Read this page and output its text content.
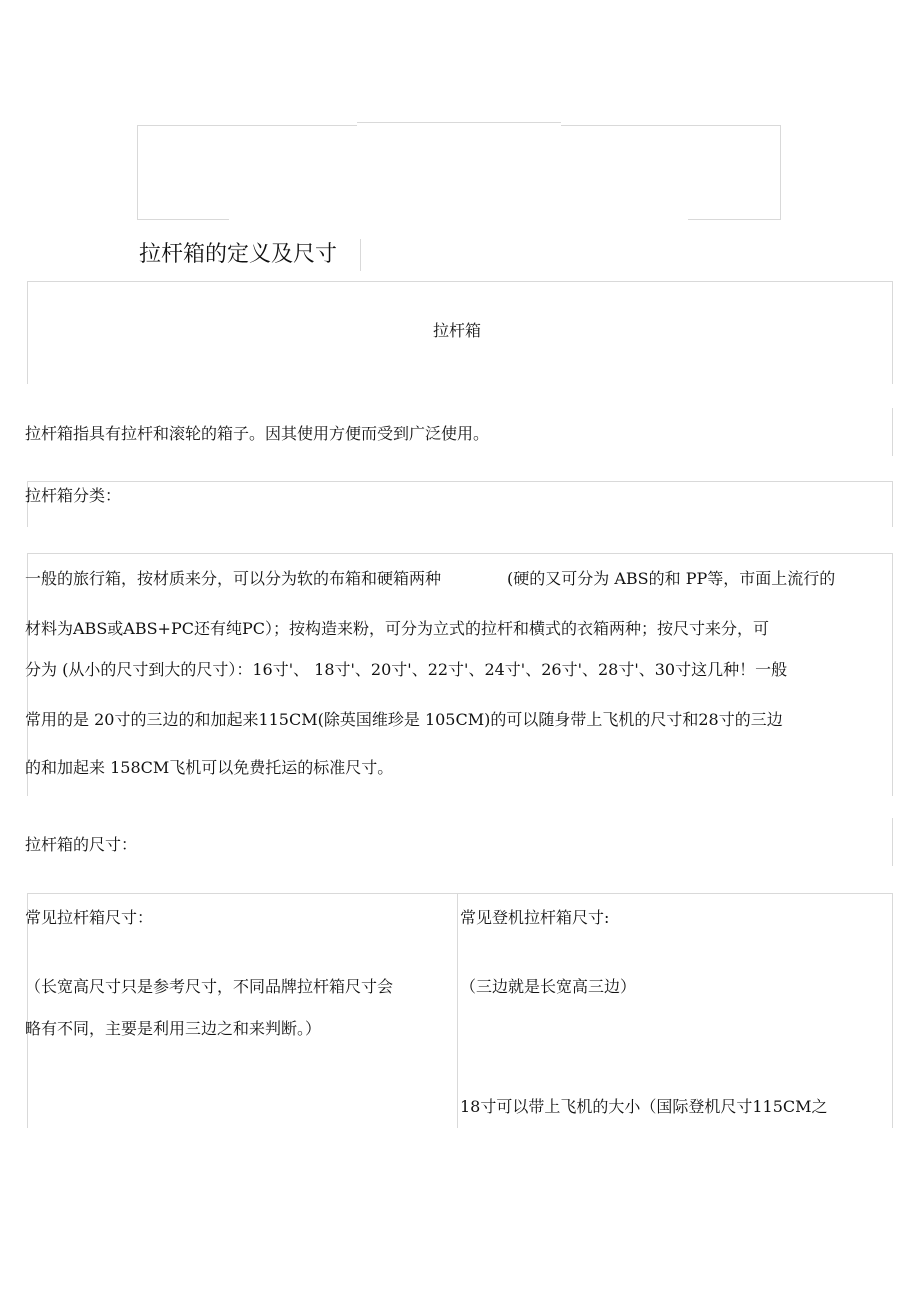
拉杆箱的定义及尺寸
拉杆箱
拉杆箱指具有拉杆和滚轮的箱子。因其使用方便而受到广泛使用。
拉杆箱分类：
一般的旅行箱，按材质来分，可以分为软的布箱和硬箱两种	(硬的又可分为 ABS的和 PP等，市面上流行的
材料为ABS或ABS+PC还有纯PC）；按构造来粉，可分为立式的拉杆和横式的衣箱两种；按尺寸来分，可
分为 (从小的尺寸到大的尺寸）：16寸'、 18寸'、20寸'、22寸'、24寸'、26寸'、28寸'、30寸这几种！一般
常用的是 20寸的三边的和加起来115CM(除英国维珍是 105CM)的可以随身带上飞机的尺寸和28寸的三边
的和加起来 158CM飞机可以免费托运的标准尺寸。
拉杆箱的尺寸：
常见拉杆箱尺寸：
（长宽高尺寸只是参考尺寸，不同品牌拉杆箱尺寸会
略有不同，主要是利用三边之和来判断。）
常见登机拉杆箱尺寸:
（三边就是长宽高三边）
18寸可以带上飞机的大小（国际登机尺寸115CM之
